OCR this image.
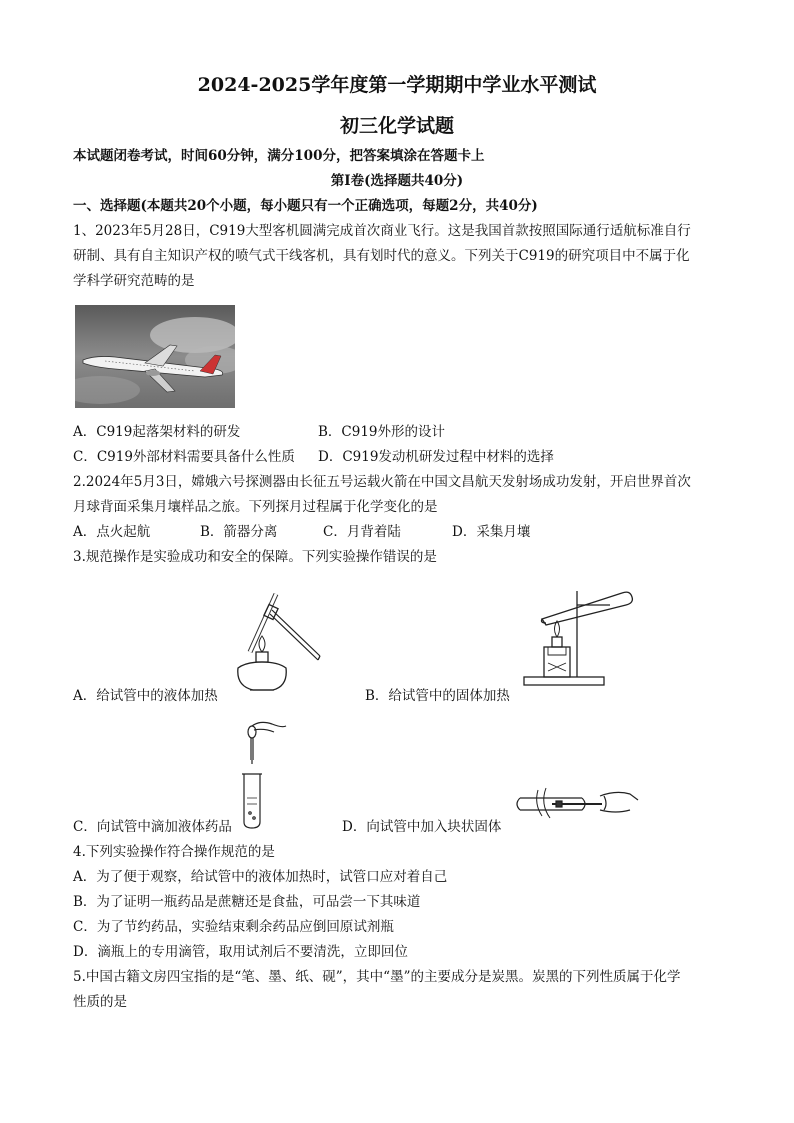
2024-2025学年度第一学期期中学业水平测试
初三化学试题
本试题闭卷考试，时间60分钟，满分100分，把答案填涂在答题卡上
第Ⅰ卷(选择题共40分)
一、选择题(本题共20个小题，每小题只有一个正确选项，每题2分，共40分)
1、2023年5月28日，C919大型客机圆满完成首次商业飞行。这是我国首款按照国际通行适航标准自行
研制、具有自主知识产权的喷气式干线客机，具有划时代的意义。下列关于C919的研究项目中不属于化
学科学研究范畴的是
A．C919起落架材料的研发	B．C919外形的设计
C．C919外部材料需要具备什么性质 D．C919发动机研发过程中材料的选择
2.2024年5月3日，嫦娥六号探测器由长征五号运载火箭在中国文昌航天发射场成功发射，开启世界首次
月球背面采集月壤样品之旅。下列探月过程属于化学变化的是
A．点火起航	B．箭器分离	C．月背着陆	D．采集月壤
3.规范操作是实验成功和安全的保障。下列实验操作错误的是
A．给试管中的液体加热	B．给试管中的固体加热
C．向试管中滴加液体药品	D．向试管中加入块状固体
4.下列实验操作符合操作规范的是
A．为了便于观察，给试管中的液体加热时，试管口应对着自己
B．为了证明一瓶药品是蔗糖还是食盐，可品尝一下其味道
C．为了节约药品，实验结束剩余药品应倒回原试剂瓶
D．滴瓶上的专用滴管，取用试剂后不要清洗，立即回位
5.中国古籍文房四宝指的是“笔、墨、纸、砚”，其中“墨”的主要成分是炭黑。炭黑的下列性质属于化学
性质的是
